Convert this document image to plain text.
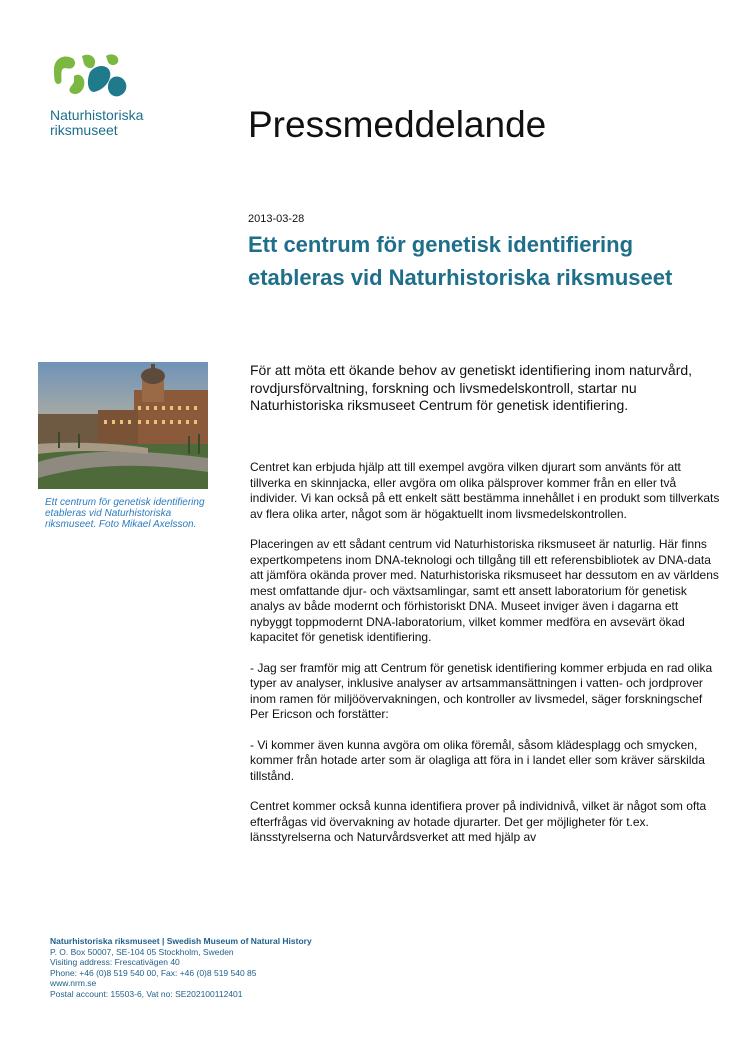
Naturhistoriska
riksmuseet	Pressmeddelande
2013-03-28
Ett centrum för genetisk identifiering etableras vid Naturhistoriska riksmuseet
Ett centrum för genetisk identifiering etableras vid Naturhistoriska riksmuseet. Foto Mikael Axelsson.

För att möta ett ökande behov av genetiskt identifiering inom naturvård, rovdjursförvaltning, forskning och livsmedelskontroll, startar nu Naturhistoriska riksmuseet Centrum för genetisk identifiering.

Centret kan erbjuda hjälp att till exempel avgöra vilken djurart som använts för att tillverka en skinnjacka, eller avgöra om olika pälsprover kommer från en eller två individer. Vi kan också på ett enkelt sätt bestämma innehållet i en produkt som tillverkats av flera olika arter, något som är högaktuellt inom livsmedelskontrollen.

Placeringen av ett sådant centrum vid Naturhistoriska riksmuseet är naturlig. Här finns expertkompetens inom DNA-teknologi och tillgång till ett referensbibliotek av DNA-data att jämföra okända prover med. Naturhistoriska riksmuseet har dessutom en av världens mest omfattande djur- och växtsamlingar, samt ett ansett laboratorium för genetisk analys av både modernt och förhistoriskt DNA. Museet inviger även i dagarna ett nybyggt toppmodernt DNA-laboratorium, vilket kommer medföra en avsevärt ökad kapacitet för genetisk identifiering.

- Jag ser framför mig att Centrum för genetisk identifiering kommer erbjuda en rad olika typer av analyser, inklusive analyser av artsammansättningen i vatten- och jordprover inom ramen för miljöövervakningen, och kontroller av livsmedel, säger forskningschef Per Ericson och forstätter:

- Vi kommer även kunna avgöra om olika föremål, såsom klädesplagg och smycken, kommer från hotade arter som är olagliga att föra in i landet eller som kräver särskilda tillstånd.

Centret kommer också kunna identifiera prover på individnivå, vilket är något som ofta efterfrågas vid övervakning av hotade djurarter. Det ger möjligheter för t.ex. länsstyrelserna och Naturvårdsverket att med hjälp av

Naturhistoriska riksmuseet | Swedish Museum of Natural History
P. O. Box 50007, SE-104 05 Stockholm, Sweden
Visiting address: Frescativägen 40
Phone: +46 (0)8 519 540 00, Fax: +46 (0)8 519 540 85
www.nrm.se
Postal account: 15503-6, Vat no: SE202100112401
